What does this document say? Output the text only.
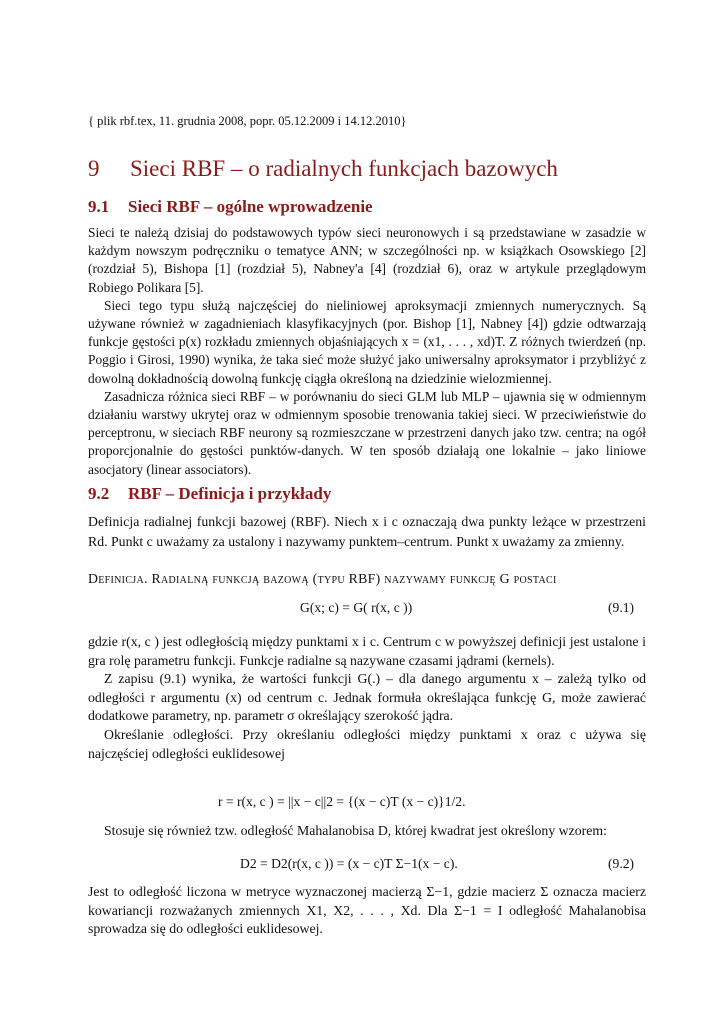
{ plik rbf.tex, 11. grudnia 2008, popr. 05.12.2009 i 14.12.2010}
9 Sieci RBF – o radialnych funkcjach bazowych
9.1 Sieci RBF – ogólne wprowadzenie

Sieci te należą dzisiaj do podstawowych typów sieci neuronowych i są przedstawiane w zasadzie w każdym nowszym podręczniku o tematyce ANN; w szczególności np. w książkach Osowskiego [2] (rozdział 5), Bishopa [1] (rozdział 5), Nabney'a [4] (rozdział 6), oraz w artykule przeglądowym Robiego Polikara [5].

Sieci tego typu służą najczęściej do nieliniowej aproksymacji zmiennych numerycznych. Są używane również w zagadnieniach klasyfikacyjnych (por. Bishop [1], Nabney [4]) gdzie odtwarzają funkcje gęstości p(x) rozkładu zmiennych objaśniających x = (x1, . . . , xd)T. Z różnych twierdzeń (np. Poggio i Girosi, 1990) wynika, że taka sieć może służyć jako uniwersalny aproksymator i przybliżyć z dowolną dokładnością dowolną funkcję ciągła określoną na dziedzinie wielozmiennej.

Zasadnicza różnica sieci RBF – w porównaniu do sieci GLM lub MLP – ujawnia się w odmiennym działaniu warstwy ukrytej oraz w odmiennym sposobie trenowania takiej sieci. W przeciwieństwie do perceptronu, w sieciach RBF neurony są rozmieszczane w przestrzeni danych jako tzw. centra; na ogół proporcjonalnie do gęstości punktów-danych. W ten sposób działają one lokalnie – jako liniowe asocjatory (linear associators).

9.2 RBF – Definicja i przykłady

Definicja radialnej funkcji bazowej (RBF). Niech x i c oznaczają dwa punkty leżące w przestrzeni Rd. Punkt c uważamy za ustalony i nazywamy punktem–centrum. Punkt x uważamy za zmienny.

Definicja. Radialną funkcją bazową (typu RBF) nazywamy funkcję G postaci

G(x; c) = G( r(x, c ))	(9.1)

gdzie r(x, c ) jest odległością między punktami x i c. Centrum c w powyższej definicji jest ustalone i gra rolę parametru funkcji. Funkcje radialne są nazywane czasami jądrami (kernels).

Z zapisu (9.1) wynika, że wartości funkcji G(.) – dla danego argumentu x – zależą tylko od odległości r argumentu (x) od centrum c. Jednak formuła określająca funkcję G, może zawierać dodatkowe parametry, np. parametr σ określający szerokość jądra.

Określanie odległości. Przy określaniu odległości między punktami x oraz c używa się najczęściej odległości euklidesowej

r = r(x, c ) = ||x − c||2 = {(x − c)T (x − c)}1/2.

Stosuje się również tzw. odległość Mahalanobisa D, której kwadrat jest określony wzorem:

D2 = D2(r(x, c )) = (x − c)T Σ−1(x − c).	(9.2)

Jest to odległość liczona w metryce wyznaczonej macierzą Σ−1, gdzie macierz Σ oznacza macierz kowariancji rozważanych zmiennych X1, X2, . . . , Xd. Dla Σ−1 = I odległość Mahalanobisa sprowadza się do odległości euklidesowej.
